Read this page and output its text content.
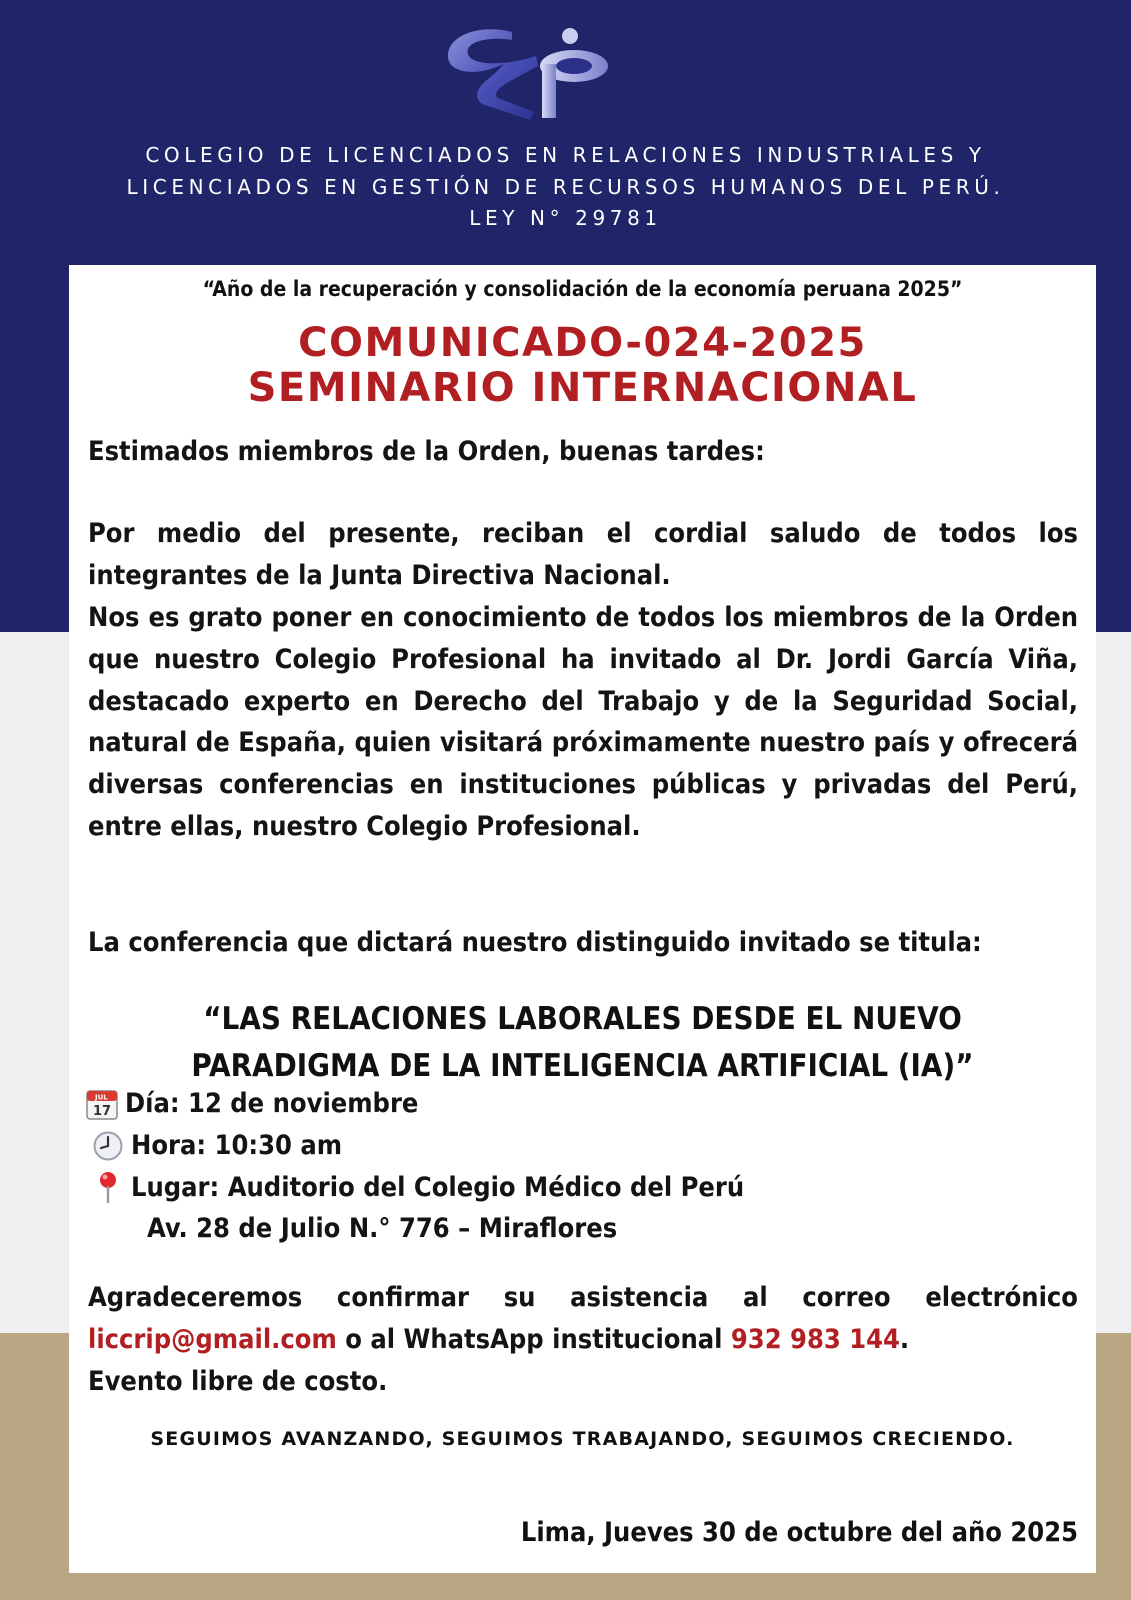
COLEGIO DE LICENCIADOS EN RELACIONES INDUSTRIALES Y
LICENCIADOS EN GESTIÓN DE RECURSOS HUMANOS DEL PERÚ.
LEY N° 29781
“Año de la recuperación y consolidación de la economía peruana 2025”
COMUNICADO-024-2025
SEMINARIO INTERNACIONAL
Estimados miembros de la Orden, buenas tardes:
Por medio del presente, reciban el cordial saludo de todos los integrantes de la Junta Directiva Nacional.
Nos es grato poner en conocimiento de todos los miembros de la Orden que nuestro Colegio Profesional ha invitado al Dr. Jordi García Viña, destacado experto en Derecho del Trabajo y de la Seguridad Social, natural de España, quien visitará próximamente nuestro país y ofrecerá diversas conferencias en instituciones públicas y privadas del Perú, entre ellas, nuestro Colegio Profesional.
La conferencia que dictará nuestro distinguido invitado se titula:
“LAS RELACIONES LABORALES DESDE EL NUEVO
PARADIGMA DE LA INTELIGENCIA ARTIFICIAL (IA)”
JUL
17 Día: 12 de noviembre
Hora: 10:30 am
Lugar: Auditorio del Colegio Médico del Perú
Av. 28 de Julio N.° 776 – Miraflores
Agradeceremos confirmar su asistencia al correo electrónico liccrip@gmail.com o al WhatsApp institucional 932 983 144.
Evento libre de costo.
SEGUIMOS AVANZANDO, SEGUIMOS TRABAJANDO, SEGUIMOS CRECIENDO.
Lima, Jueves 30 de octubre del año 2025
